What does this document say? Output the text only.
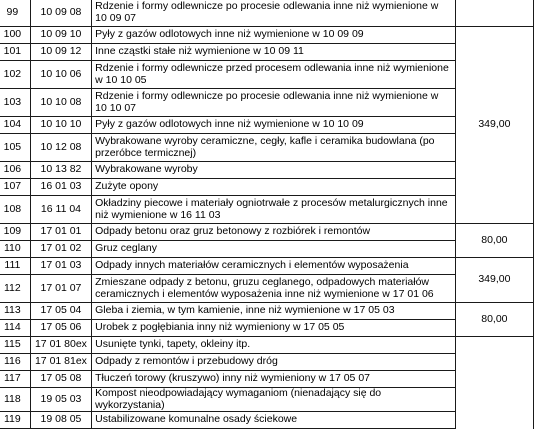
99	10 09 08	Rdzenie i formy odlewnicze po procesie odlewania inne niż wymienione w 10 09 07	
100	10 09 10	Pyły z gazów odlotowych inne niż wymienione w 10 09 09	349,00
101	10 09 12	Inne cząstki stałe niż wymienione w 10 09 11	
102	10 10 06	Rdzenie i formy odlewnicze przed procesem odlewania inne niż wymienione w 10 10 05	
103	10 10 08	Rdzenie i formy odlewnicze po procesie odlewania inne niż wymienione w 10 10 07	
104	10 10 10	Pyły z gazów odlotowych inne niż wymienione w 10 10 09	
105	10 12 08	Wybrakowane wyroby ceramiczne, cegły, kafle i ceramika budowlana (po przeróbce termicznej)	
106	10 13 82	Wybrakowane wyroby	
107	16 01 03	Zużyte opony	
108	16 11 04	Okładziny piecowe i materiały ogniotrwałe z procesów metalurgicznych inne niż wymienione w 16 11 03	
109	17 01 01	Odpady betonu oraz gruz betonowy z rozbiórek i remontów	80,00
110	17 01 02	Gruz ceglany	
111	17 01 03	Odpady innych materiałów ceramicznych i elementów wyposażenia	349,00
112	17 01 07	Zmieszane odpady z betonu, gruzu ceglanego, odpadowych materiałów ceramicznych i elementów wyposażenia inne niż wymienione w 17 01 06	
113	17 05 04	Gleba i ziemia, w tym kamienie, inne niż wymienione w 17 05 03	80,00
114	17 05 06	Urobek z pogłębiania inny niż wymieniony w 17 05 05	
115	17 01 80ex	Usunięte tynki, tapety, okleiny itp.	
116	17 01 81ex	Odpady z remontów i przebudowy dróg	
117	17 05 08	Tłuczeń torowy (kruszywo) inny niż wymieniony w 17 05 07	
118	19 05 03	Kompost nieodpowiadający wymaganiom (nienadający się do wykorzystania)	
119	19 08 05	Ustabilizowane komunalne osady ściekowe	
